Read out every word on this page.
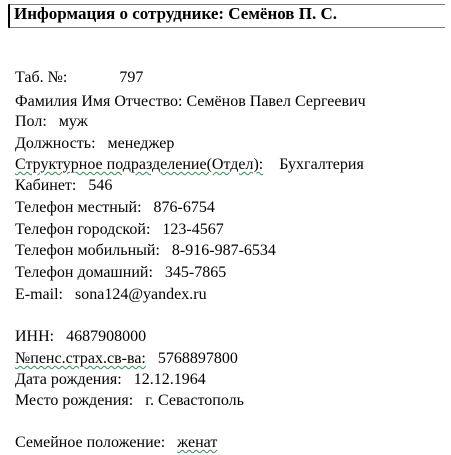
Информация о сотруднике: Семёнов П. С.
Таб. №:	797
Фамилия Имя Отчество: Семёнов Павел Сергеевич
Пол: муж
Должность: менеджер
Структурное подразделение(Отдел): Бухгалтерия
Кабинет: 546
Телефон местный: 876-6754
Телефон городской: 123-4567
Телефон мобильный: 8-916-987-6534
Телефон домашний: 345-7865
E-mail: sona124@yandex.ru
ИНН: 4687908000
№пенс.страх.св-ва: 5768897800
Дата рождения: 12.12.1964
Место рождения: г. Севастополь
Семейное положение: женат
